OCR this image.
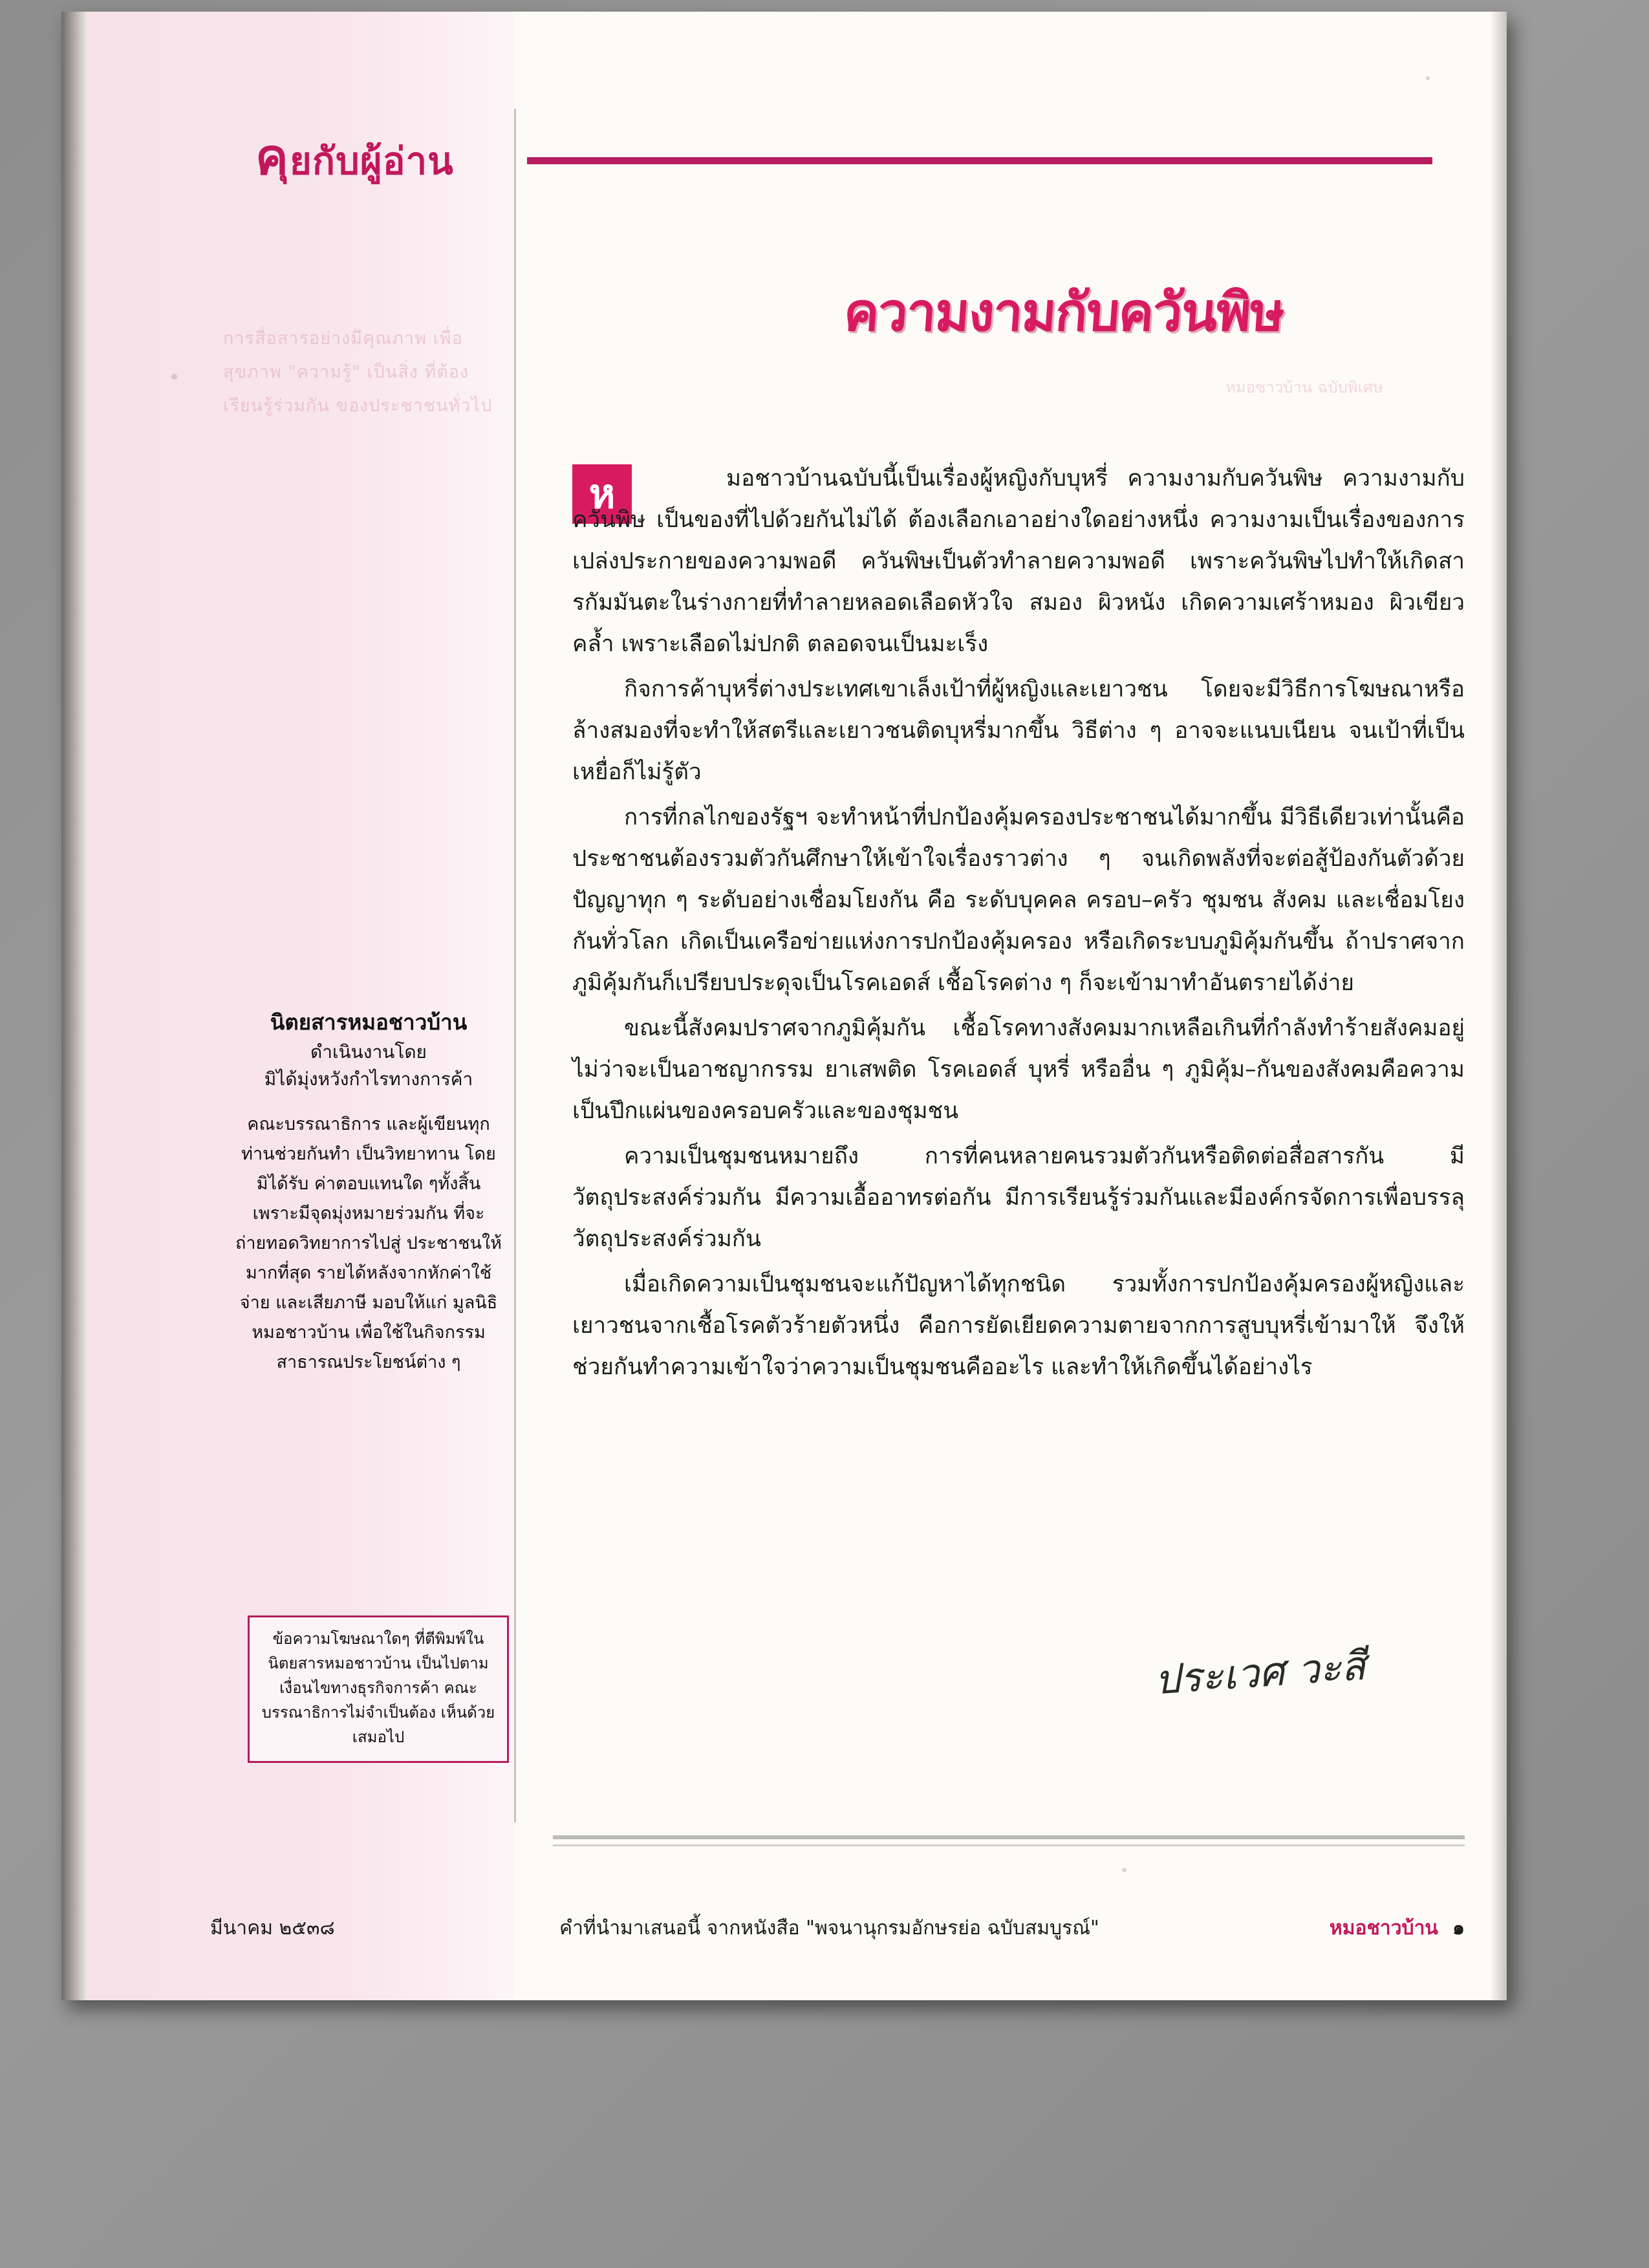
การสื่อสารอย่างมีคุณภาพ เพื่อสุขภาพ "ความรู้" เป็นสิ่ง ที่ต้องเรียนรู้ร่วมกัน ของประชาชนทั่วไป
หมอชาวบ้าน ฉบับพิเศษ
คุยกับผู้อ่าน
ความงามกับควันพิษ
ห	มอชาวบ้านฉบับนี้เป็นเรื่องผู้หญิงกับบุหรี่ ความงามกับควันพิษ ความงามกับควันพิษ เป็นของที่ไปด้วยกันไม่ได้ ต้องเลือกเอาอย่างใดอย่างหนึ่ง ความงามเป็นเรื่องของการเปล่งประกายของความพอดี ควันพิษเป็นตัวทำลายความพอดี เพราะควันพิษไปทำให้เกิดสารกัมมันตะในร่างกายที่ทำลายหลอดเลือดหัวใจ สมอง ผิวหนัง เกิดความเศร้าหมอง ผิวเขียวคล้ำ เพราะเลือดไม่ปกติ ตลอดจนเป็นมะเร็ง

กิจการค้าบุหรี่ต่างประเทศเขาเล็งเป้าที่ผู้หญิงและเยาวชน โดยจะมีวิธีการโฆษณาหรือล้างสมองที่จะทำให้สตรีและเยาวชนติดบุหรี่มากขึ้น วิธีต่าง ๆ อาจจะแนบเนียน จนเป้าที่เป็นเหยื่อก็ไม่รู้ตัว

การที่กลไกของรัฐฯ จะทำหน้าที่ปกป้องคุ้มครองประชาชนได้มากขึ้น มีวิธีเดียวเท่านั้นคือประชาชนต้องรวมตัวกันศึกษาให้เข้าใจเรื่องราวต่าง ๆ จนเกิดพลังที่จะต่อสู้ป้องกันตัวด้วยปัญญาทุก ๆ ระดับอย่างเชื่อมโยงกัน คือ ระดับบุคคล ครอบ–ครัว ชุมชน สังคม และเชื่อมโยงกันทั่วโลก เกิดเป็นเครือข่ายแห่งการปกป้องคุ้มครอง หรือเกิดระบบภูมิคุ้มกันขึ้น ถ้าปราศจากภูมิคุ้มกันก็เปรียบประดุจเป็นโรคเอดส์ เชื้อโรคต่าง ๆ ก็จะเข้ามาทำอันตรายได้ง่าย

ขณะนี้สังคมปราศจากภูมิคุ้มกัน เชื้อโรคทางสังคมมากเหลือเกินที่กำลังทำร้ายสังคมอยู่ไม่ว่าจะเป็นอาชญากรรม ยาเสพติด โรคเอดส์ บุหรี่ หรืออื่น ๆ ภูมิคุ้ม–กันของสังคมคือความเป็นปึกแผ่นของครอบครัวและของชุมชน

ความเป็นชุมชนหมายถึง การที่คนหลายคนรวมตัวกันหรือติดต่อสื่อสารกัน มีวัตถุประสงค์ร่วมกัน มีความเอื้ออาทรต่อกัน มีการเรียนรู้ร่วมกันและมีองค์กรจัดการเพื่อบรรลุวัตถุประสงค์ร่วมกัน

เมื่อเกิดความเป็นชุมชนจะแก้ปัญหาได้ทุกชนิด รวมทั้งการปกป้องคุ้มครองผู้หญิงและเยาวชนจากเชื้อโรคตัวร้ายตัวหนึ่ง คือการยัดเยียดความตายจากการสูบบุหรี่เข้ามาให้ จึงให้ช่วยกันทำความเข้าใจว่าความเป็นชุมชนคืออะไร และทำให้เกิดขึ้นได้อย่างไร

ประเวศ วะสี
นิตยสารหมอชาวบ้าน
ดำเนินงานโดย
มิได้มุ่งหวังกำไรทางการค้า
คณะบรรณาธิการ และผู้เขียนทุกท่านช่วยกันทำ เป็นวิทยาทาน โดยมิได้รับ ค่าตอบแทนใด ๆทั้งสิ้น เพราะมีจุดมุ่งหมายร่วมกัน ที่จะถ่ายทอดวิทยาการไปสู่ ประชาชนให้มากที่สุด รายได้หลังจากหักค่าใช้จ่าย และเสียภาษี มอบให้แก่ มูลนิธิหมอชาวบ้าน เพื่อใช้ในกิจกรรม สาธารณประโยชน์ต่าง ๆ
ข้อความโฆษณาใดๆ ที่ตีพิมพ์ในนิตยสารหมอชาวบ้าน เป็นไปตามเงื่อนไขทางธุรกิจการค้า คณะบรรณาธิการไม่จำเป็นต้อง เห็นด้วยเสมอไป
มีนาคม ๒๕๓๘	คำที่นำมาเสนอนี้ จากหนังสือ "พจนานุกรมอักษรย่อ ฉบับสมบูรณ์"	หมอชาวบ้าน ๑
